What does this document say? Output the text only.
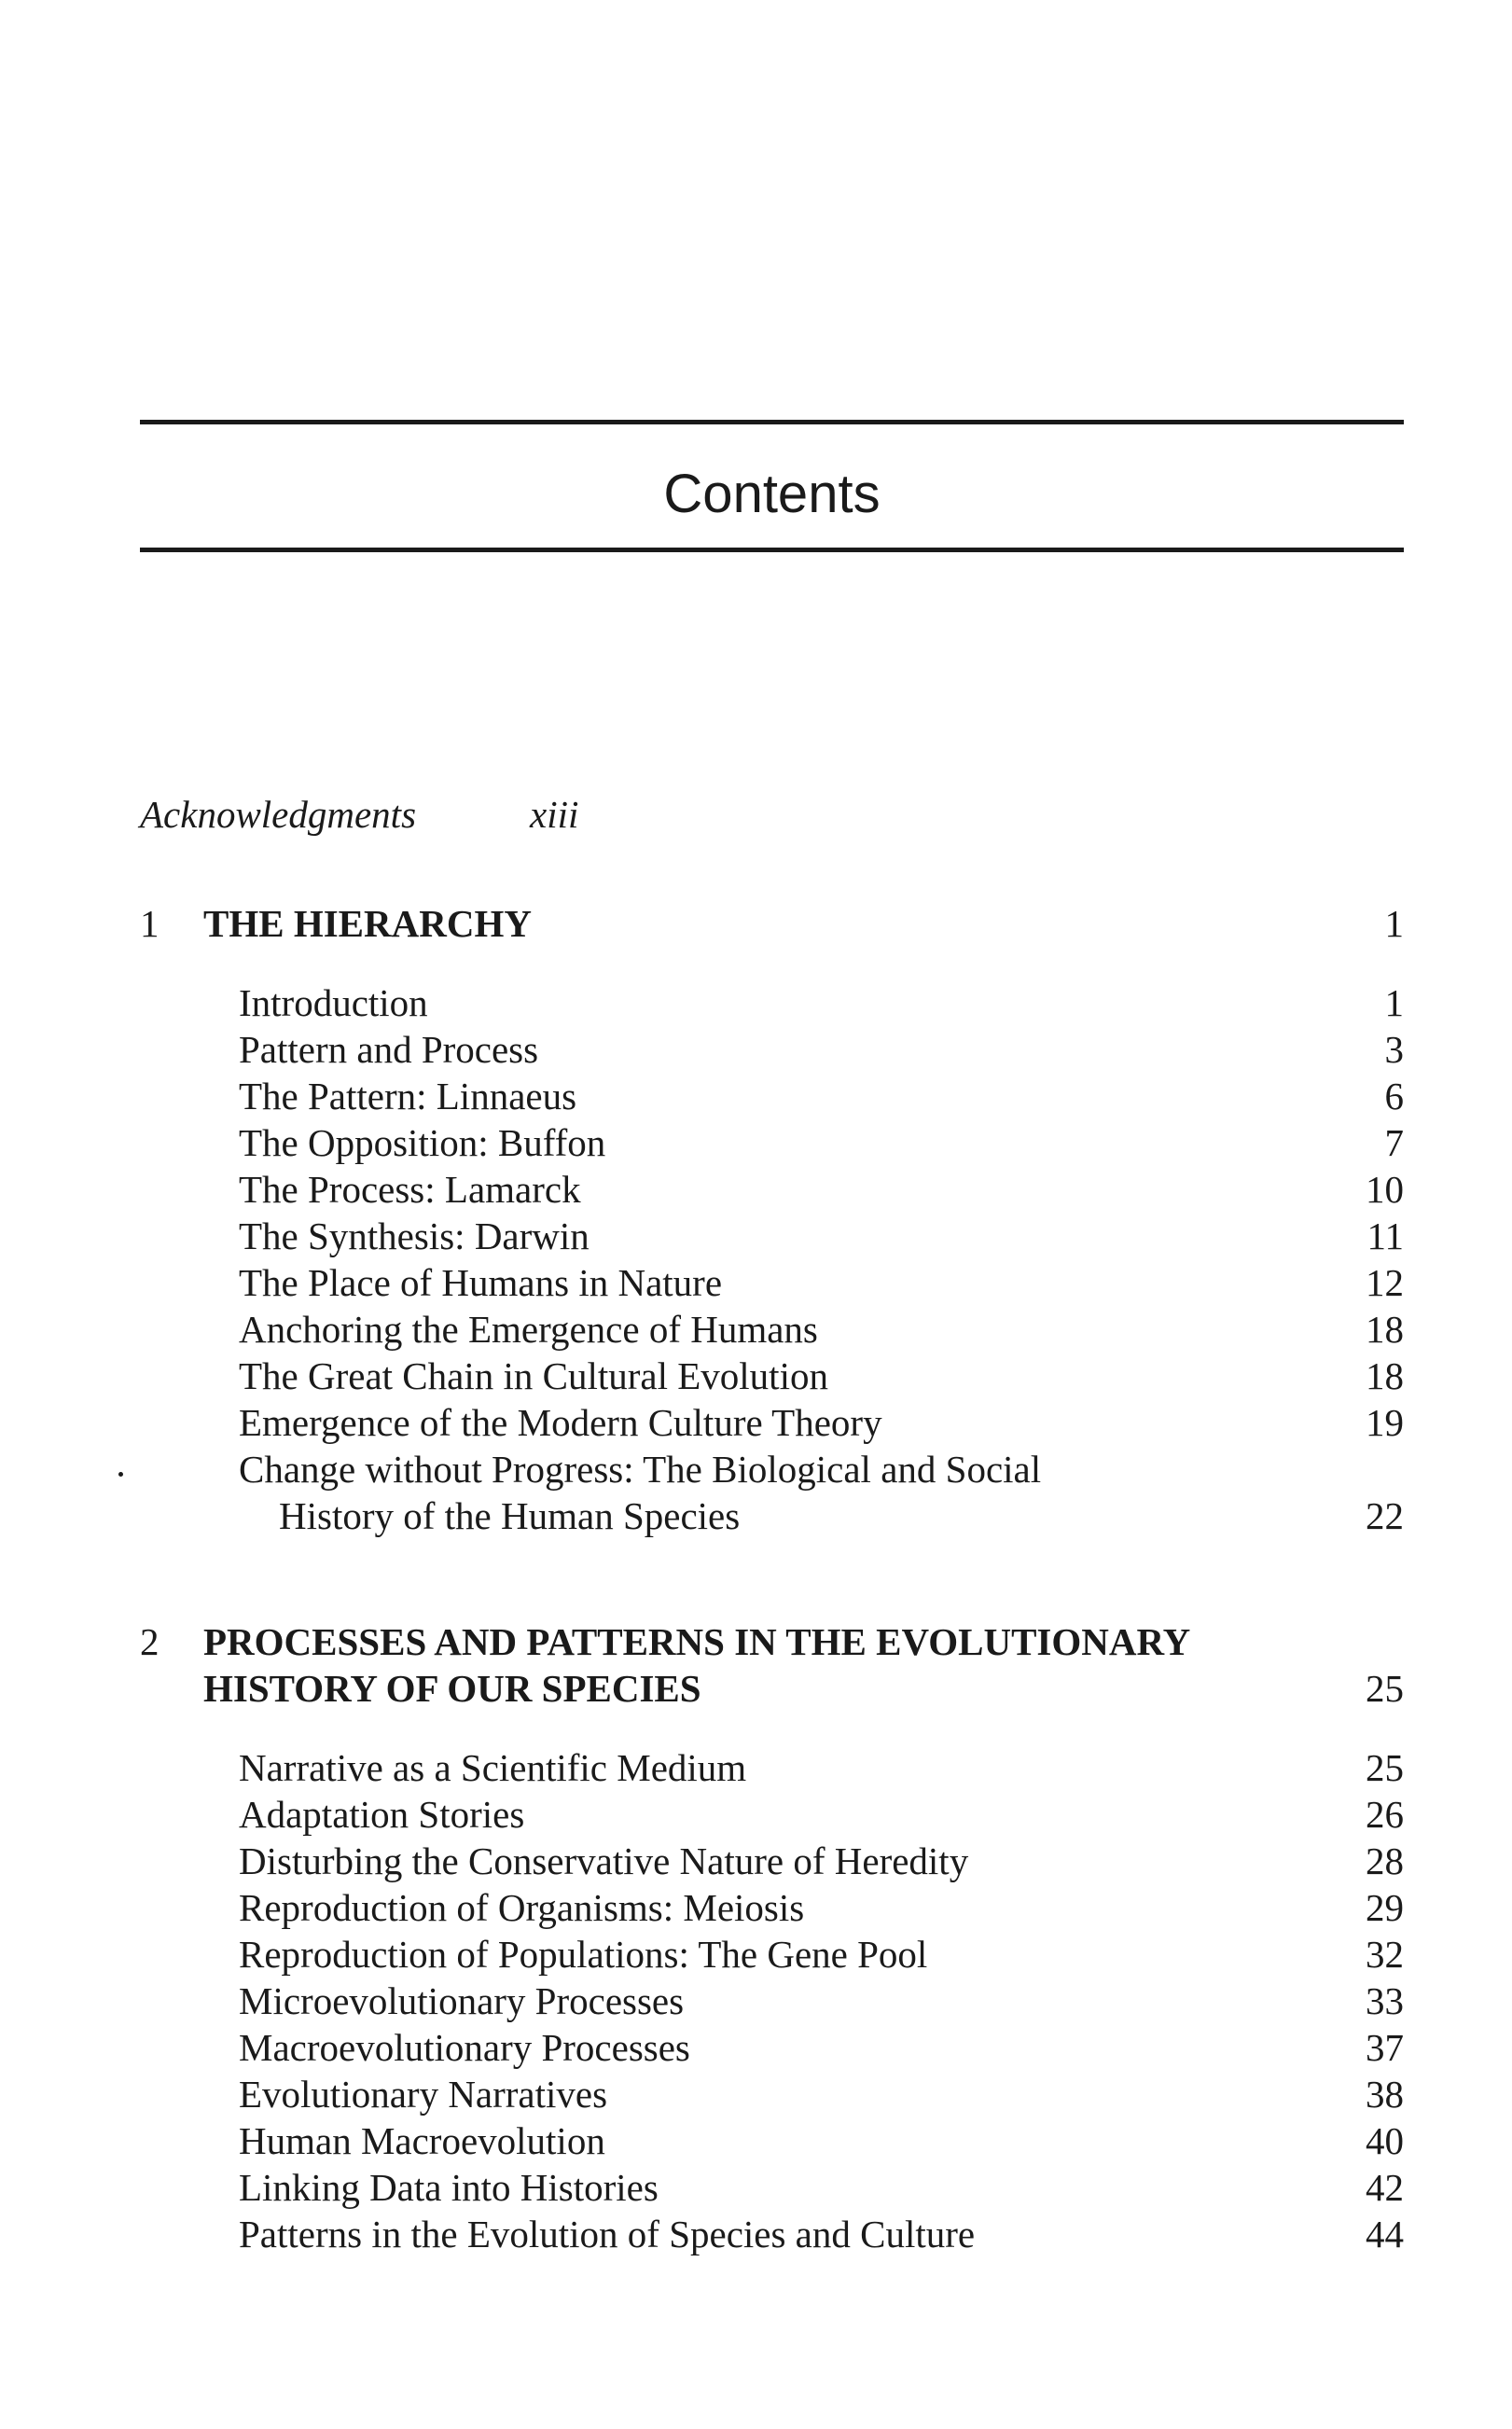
Contents
Acknowledgments	xiii
1 THE HIERARCHY	1
Introduction	1
Pattern and Process	3
The Pattern: Linnaeus	6
The Opposition: Buffon	7
The Process: Lamarck	10
The Synthesis: Darwin	11
The Place of Humans in Nature	12
Anchoring the Emergence of Humans	18
The Great Chain in Cultural Evolution	18
Emergence of the Modern Culture Theory	19
Change without Progress: The Biological and Social
History of the Human Species	22
2 PROCESSES AND PATTERNS IN THE EVOLUTIONARY
HISTORY OF OUR SPECIES	25
Narrative as a Scientific Medium	25
Adaptation Stories	26
Disturbing the Conservative Nature of Heredity	28
Reproduction of Organisms: Meiosis	29
Reproduction of Populations: The Gene Pool	32
Microevolutionary Processes	33
Macroevolutionary Processes	37
Evolutionary Narratives	38
Human Macroevolution	40
Linking Data into Histories	42
Patterns in the Evolution of Species and Culture	44
